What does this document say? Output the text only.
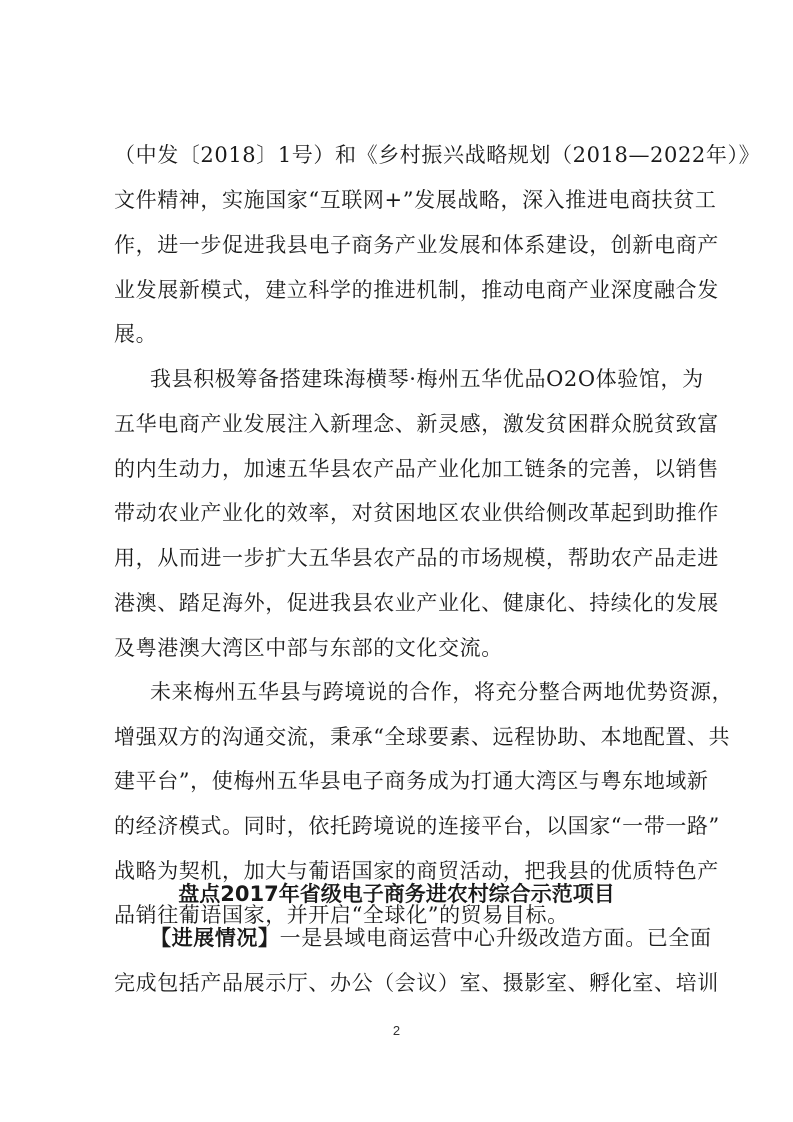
（中发〔2018〕1号）和《乡村振兴战略规划（2018—2022年）》
文件精神，实施国家“互联网+”发展战略，深入推进电商扶贫工
作，进一步促进我县电子商务产业发展和体系建设，创新电商产
业发展新模式，建立科学的推进机制，推动电商产业深度融合发
展。
我县积极筹备搭建珠海横琴·梅州五华优品O2O体验馆，为
五华电商产业发展注入新理念、新灵感，激发贫困群众脱贫致富
的内生动力，加速五华县农产品产业化加工链条的完善，以销售
带动农业产业化的效率，对贫困地区农业供给侧改革起到助推作
用，从而进一步扩大五华县农产品的市场规模，帮助农产品走进
港澳、踏足海外，促进我县农业产业化、健康化、持续化的发展
及粤港澳大湾区中部与东部的文化交流。
未来梅州五华县与跨境说的合作，将充分整合两地优势资源，
增强双方的沟通交流，秉承“全球要素、远程协助、本地配置、共
建平台”，使梅州五华县电子商务成为打通大湾区与粤东地域新
的经济模式。同时，依托跨境说的连接平台，以国家“一带一路”
战略为契机，加大与葡语国家的商贸活动，把我县的优质特色产
品销往葡语国家，并开启“全球化”的贸易目标。
盘点2017年省级电子商务进农村综合示范项目
【进展情况】一是县域电商运营中心升级改造方面。已全面
完成包括产品展示厅、办公（会议）室、摄影室、孵化室、培训
2
